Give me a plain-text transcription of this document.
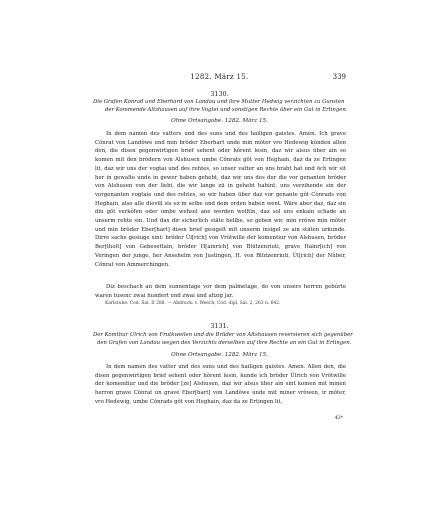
1282. März 15.	339
3130.
Die Grafen Konrad und Eberhard von Landau und ihre Mutter Hedwig verzichten zu Gunsten
der Kommende Altshausen auf ihre Vogtei und sonstigen Rechte über ein Gut in Ertingen.
Ohne Ortsangabe. 1282. März 15.

In dem namen des vatters und des suns und des hailigen gaistes. Amen. Ich grave Cŏnrat von Landŏwe und min brŏder Eberhart unde min mŏter vro Hedewig kŭnden allen den, die disen gegenwirtigen brief sehent oder hŏrent lesin, daz wir alsus über ain so komen mit den brŏdern von Alshusen umbe Cŏnrats gŏt von Heghain, daz da ze Ertingen lit, daz wir uns der vogtai und des rehtes, so unser vatter an uns braht hat und öch wir sit her in gewalte unde in gewer haben gehebt, daz wir uns des dur die vor genanten brŏder von Alshusen von der liebi, die wir lange zü in gehebt habint, uns verzihende sin der vorgenanten vogtaie und des rehtes, so wir haben über daz vor genante gŏt Cŏnrads von Heghain, also alle dievill sis ez in selbe und dem orden haben went. Wäre aber daz, daz sin diu gŏt verkŏfen oder umbe wehsel ane werden wolltin, daz sol uns enkain schade an unserm rehte sin. Und dax dir sicherlich stäte belibe, so geben wir, min vrŏwe min mŏter und min brŏder Eber[hart] disen brief gesigelt mit unserm insigel ze ain stäten urkunde. Dirre sache gesiuge sint: brŏder Ŭl[rich] von Vrŏtwille der komentiur von Alshusen, brŏder Ber[tholt] von Gebesettain, brŏder H[ainrich] von Blützenriuti, grave Hainr[ich] von Veringen der junge, her Ansehelm von Justingen, H. von Blützenriuti, Ŭl[rich] der Nŭber, Cŏnrat von Ammerchingen.

Diz beschach an dem sunnentage vor dem palmetage, do von unsers herren gebúrte waren tusenc zwai hundert und zwai und ahzig jar.

Karlsruhe. Cod. Sal. II 288. — Abdruck: v. Weech, Cod. dipl. Sal. 2, 263 n. 642.
3131.
Der Komthur Ulrich von Frutkweilen und die Brüder von Altshausen reversieren sich gegenüber
den Grafen von Landau wegen des Verzichts derselben auf ihre Rechte an ein Gut in Ertingen.
Ohne Ortsangabe. 1282. März 15.

In dem namen des vatter und des suns und des hailigen gaistes. Amen. Allen den, die disen gegenwirtigen brief sehent oder hŏrent lesin, kunde ich brŏder Ŭlrich von Vrŏtwille der komendiur und die brŏder [ze] Alshusen, daz wir alsus über ain sint komen mit minen herron grave Cŏnrat un grave Eber[hart] von Landŏwe unde mit miner vrŏwen, ir mŏter, vro Hedewig, umbe Cŏnrads gŏt von Heghain, daz da ze Ertingen lit,

43*
